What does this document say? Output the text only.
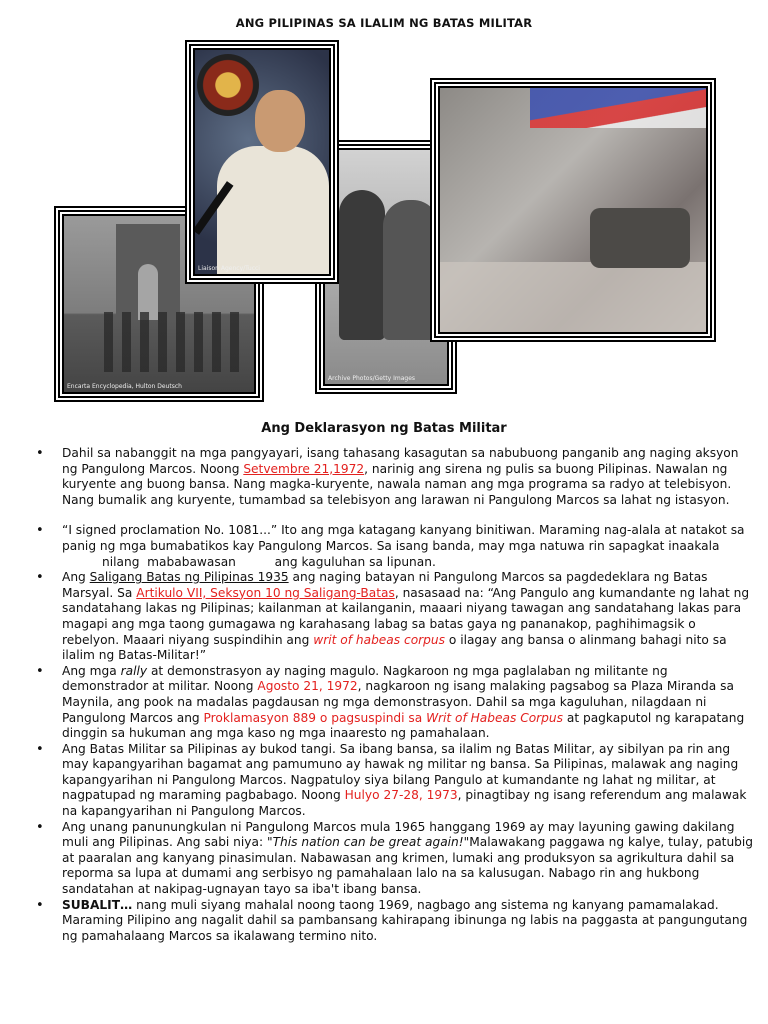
ANG PILIPINAS SA ILALIM NG BATAS MILITAR
Encarta Encyclopedia, Hulton Deutsch
Archive Photos/Getty Images
Liaison Agency/Tucci
Ang Deklarasyon ng Batas Militar
• Dahil sa nabanggit na mga pangyayari, isang tahasang kasagutan sa nabubuong panganib ang naging aksyon ng Pangulong Marcos. Noong Setvembre 21,1972, narinig ang sirena ng pulis sa buong Pilipinas. Nawalan ng kuryente ang buong bansa. Nang magka-kuryente, nawala naman ang mga programa sa radyo at telebisyon. Nang bumalik ang kuryente, tumambad sa telebisyon ang larawan ni Pangulong Marcos sa lahat ng istasyon.
• “I signed proclamation No. 1081...” Ito ang mga katagang kanyang binitiwan. Maraming nag-alala at natakot sa panig ng mga bumabatikos kay Pangulong Marcos. Sa isang banda, may mga natuwa rin sapagkat inaakala
nilang  mababawasan          ang kaguluhan sa lipunan.
• Ang Saligang Batas ng Pilipinas 1935 ang naging batayan ni Pangulong Marcos sa pagdedeklara ng Batas Marsyal. Sa Artikulo VII, Seksyon 10 ng Saligang-Batas, nasasaad na: “Ang Pangulo ang kumandante ng lahat ng sandatahang lakas ng Pilipinas; kailanman at kailanganin, maaari niyang tawagan ang sandatahang lakas para magapi ang mga taong gumagawa ng karahasang labag sa batas gaya ng pananakop, paghihimagsik o rebelyon. Maaari niyang suspindihin ang writ of habeas corpus o ilagay ang bansa o alinmang bahagi nito sa ilalim ng Batas-Militar!”
• Ang mga rally at demonstrasyon ay naging magulo. Nagkaroon ng mga paglalaban ng militante ng demonstrador at militar. Noong Agosto 21, 1972, nagkaroon ng isang malaking pagsabog sa Plaza Miranda sa Maynila, ang pook na madalas pagdausan ng mga demonstrasyon. Dahil sa mga kaguluhan, nilagdaan ni Pangulong Marcos ang Proklamasyon 889 o pagsuspindi sa Writ of Habeas Corpus at pagkaputol ng karapatang dinggin sa hukuman ang mga kaso ng mga inaaresto ng pamahalaan.
• Ang Batas Militar sa Pilipinas ay bukod tangi. Sa ibang bansa, sa ilalim ng Batas Militar, ay sibilyan pa rin ang may kapangyarihan bagamat ang pamumuno ay hawak ng militar ng bansa. Sa Pilipinas, malawak ang naging kapangyarihan ni Pangulong Marcos. Nagpatuloy siya bilang Pangulo at kumandante ng lahat ng militar, at nagpatupad ng maraming pagbabago. Noong Hulyo 27-28, 1973, pinagtibay ng isang referendum ang malawak na kapangyarihan ni Pangulong Marcos.
• Ang unang panunungkulan ni Pangulong Marcos mula 1965 hanggang 1969 ay may layuning gawing dakilang muli ang Pilipinas. Ang sabi niya: "This nation can be great again!"Malawakang paggawa ng kalye, tulay, patubig at paaralan ang kanyang pinasimulan. Nabawasan ang krimen, lumaki ang produksyon sa agrikultura dahil sa reporma sa lupa at dumami ang serbisyo ng pamahalaan lalo na sa kalusugan. Nabago rin ang hukbong sandatahan at nakipag-ugnayan tayo sa iba't ibang bansa.
• SUBALIT… nang muli siyang mahalal noong taong 1969, nagbago ang sistema ng kanyang pamamalakad. Maraming Pilipino ang nagalit dahil sa pambansang kahirapang ibinunga ng labis na paggasta at pangungutang ng pamahalaang Marcos sa ikalawang termino nito.
